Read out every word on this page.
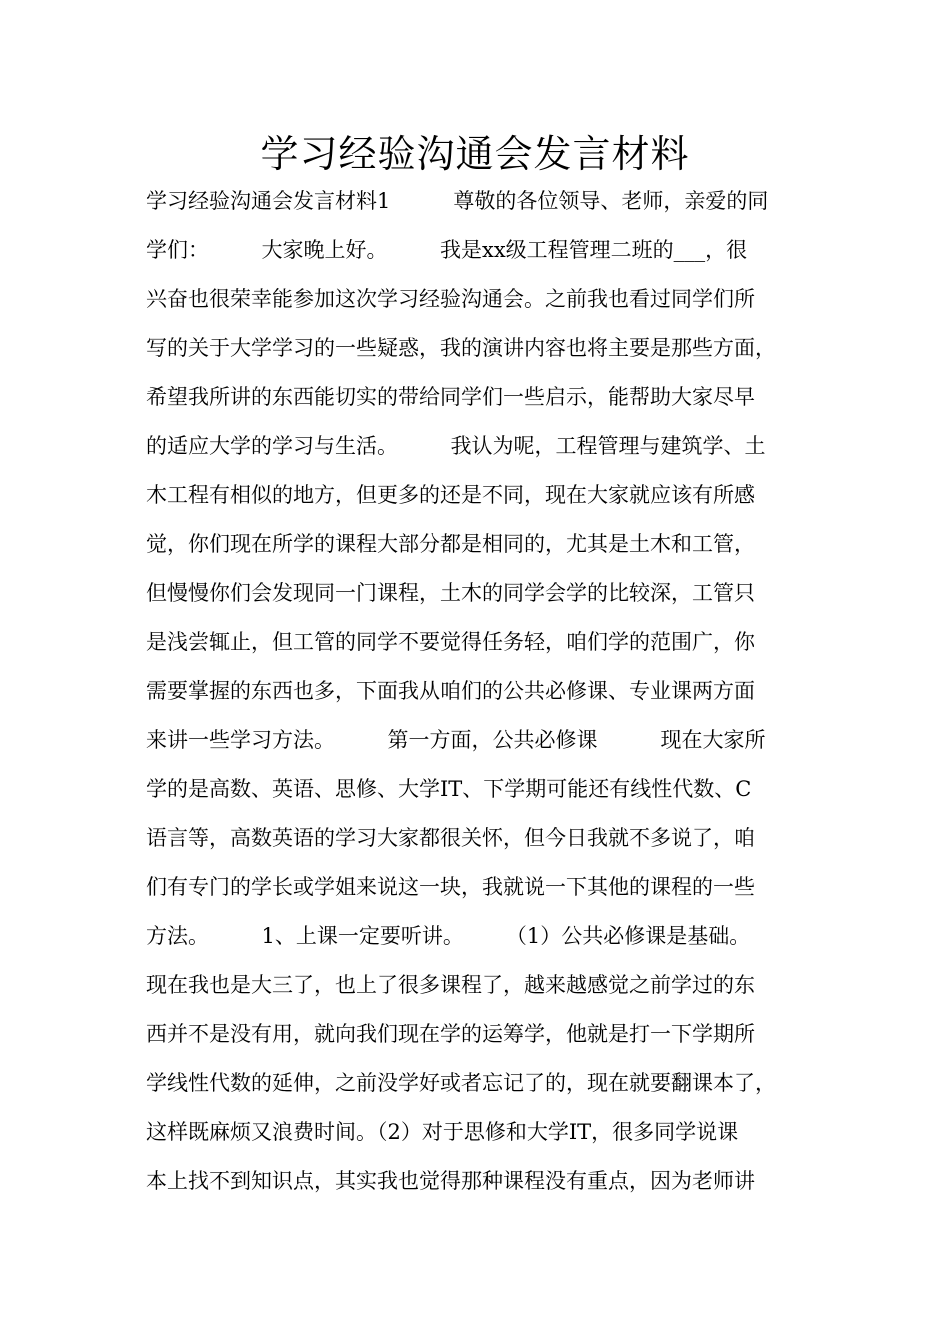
学习经验沟通会发言材料
学习经验沟通会发言材料1　　　尊敬的各位领导、老师，亲爱的同
学们：　　　大家晚上好。　　　我是xx级工程管理二班的___，很
兴奋也很荣幸能参加这次学习经验沟通会。之前我也看过同学们所
写的关于大学学习的一些疑惑，我的演讲内容也将主要是那些方面，
希望我所讲的东西能切实的带给同学们一些启示，能帮助大家尽早
的适应大学的学习与生活。　　　我认为呢，工程管理与建筑学、土
木工程有相似的地方，但更多的还是不同，现在大家就应该有所感
觉，你们现在所学的课程大部分都是相同的，尤其是土木和工管，
但慢慢你们会发现同一门课程，土木的同学会学的比较深，工管只
是浅尝辄止，但工管的同学不要觉得任务轻，咱们学的范围广，你
需要掌握的东西也多，下面我从咱们的公共必修课、专业课两方面
来讲一些学习方法。　　　第一方面，公共必修课　　　现在大家所
学的是高数、英语、思修、大学IT、下学期可能还有线性代数、C
语言等，高数英语的学习大家都很关怀，但今日我就不多说了，咱
们有专门的学长或学姐来说这一块，我就说一下其他的课程的一些
方法。　　　1、上课一定要听讲。　　　（1）公共必修课是基础。
现在我也是大三了，也上了很多课程了，越来越感觉之前学过的东
西并不是没有用，就向我们现在学的运筹学，他就是打一下学期所
学线性代数的延伸，之前没学好或者忘记了的，现在就要翻课本了，
这样既麻烦又浪费时间。（2）对于思修和大学IT，很多同学说课
本上找不到知识点，其实我也觉得那种课程没有重点，因为老师讲
